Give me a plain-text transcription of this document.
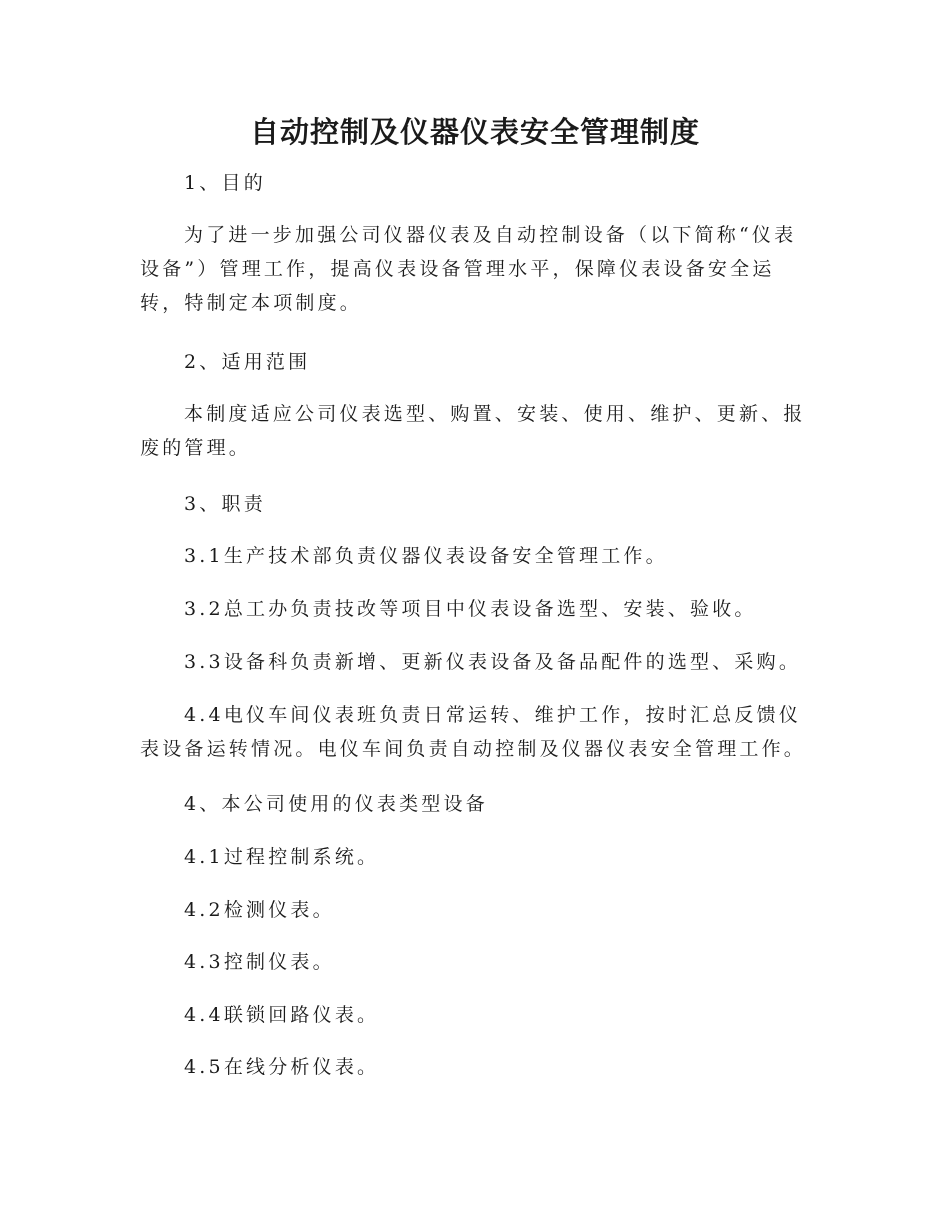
自动控制及仪器仪表安全管理制度

1、目的

为了进一步加强公司仪器仪表及自动控制设备（以下简称“仪表设备”）管理工作，提高仪表设备管理水平，保障仪表设备安全运转，特制定本项制度。

2、适用范围

本制度适应公司仪表选型、购置、安装、使用、维护、更新、报废的管理。

3、职责

3.1生产技术部负责仪器仪表设备安全管理工作。

3.2总工办负责技改等项目中仪表设备选型、安装、验收。

3.3设备科负责新增、更新仪表设备及备品配件的选型、采购。

4.4电仪车间仪表班负责日常运转、维护工作，按时汇总反馈仪表设备运转情况。电仪车间负责自动控制及仪器仪表安全管理工作。

4、本公司使用的仪表类型设备

4.1过程控制系统。

4.2检测仪表。

4.3控制仪表。

4.4联锁回路仪表。

4.5在线分析仪表。
